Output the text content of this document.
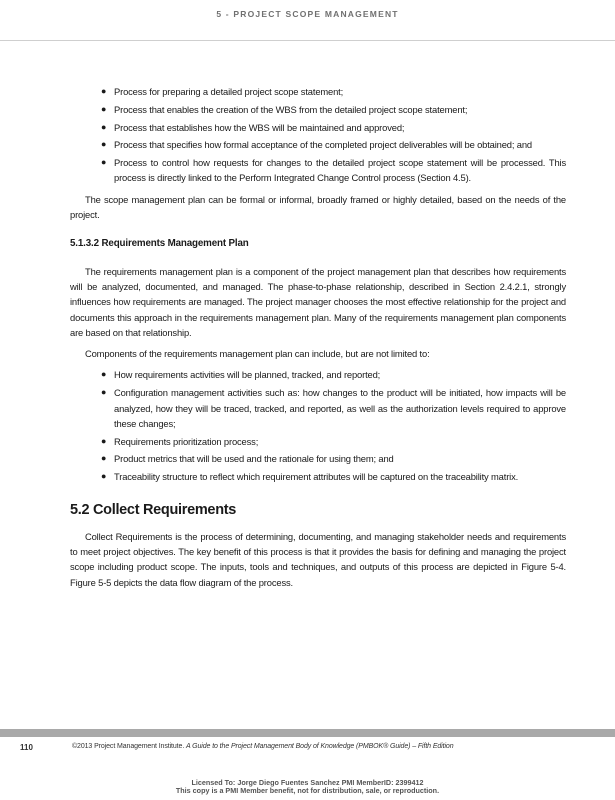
5 - PROJECT SCOPE MANAGEMENT
● Process for preparing a detailed project scope statement;
● Process that enables the creation of the WBS from the detailed project scope statement;
● Process that establishes how the WBS will be maintained and approved;
● Process that specifies how formal acceptance of the completed project deliverables will be obtained; and
● Process to control how requests for changes to the detailed project scope statement will be processed. This process is directly linked to the Perform Integrated Change Control process (Section 4.5).

The scope management plan can be formal or informal, broadly framed or highly detailed, based on the needs of the project.

5.1.3.2 Requirements Management Plan

The requirements management plan is a component of the project management plan that describes how requirements will be analyzed, documented, and managed. The phase-to-phase relationship, described in Section 2.4.2.1, strongly influences how requirements are managed. The project manager chooses the most effective relationship for the project and documents this approach in the requirements management plan. Many of the requirements management plan components are based on that relationship.

Components of the requirements management plan can include, but are not limited to:

● How requirements activities will be planned, tracked, and reported;
● Configuration management activities such as: how changes to the product will be initiated, how impacts will be analyzed, how they will be traced, tracked, and reported, as well as the authorization levels required to approve these changes;
● Requirements prioritization process;
● Product metrics that will be used and the rationale for using them; and
● Traceability structure to reflect which requirement attributes will be captured on the traceability matrix.
5.2 Collect Requirements

Collect Requirements is the process of determining, documenting, and managing stakeholder needs and requirements to meet project objectives. The key benefit of this process is that it provides the basis for defining and managing the project scope including product scope. The inputs, tools and techniques, and outputs of this process are depicted in Figure 5-4. Figure 5-5 depicts the data flow diagram of the process.

110	©2013 Project Management Institute. A Guide to the Project Management Body of Knowledge (PMBOK® Guide) – Fifth Edition
Licensed To: Jorge Diego Fuentes Sanchez PMI MemberID: 2399412
This copy is a PMI Member benefit, not for distribution, sale, or reproduction.
